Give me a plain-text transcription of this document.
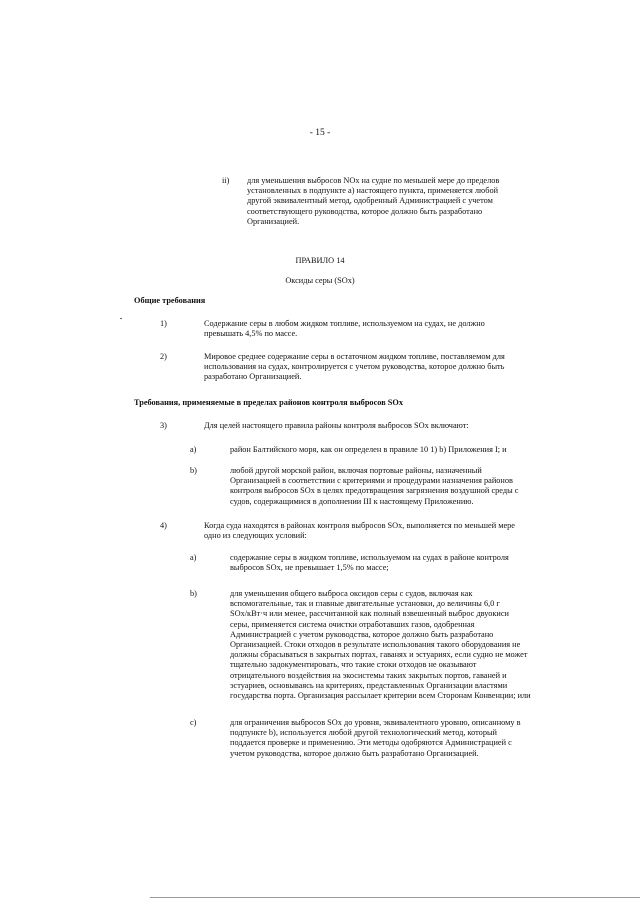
- 15 -
ii) для уменьшения выбросов NOx на судне по меньшей мере до пределов
установленных в подпункте a) настоящего пункта, применяется любой
другой эквивалентный метод, одобренный Администрацией с учетом
соответствующего руководства, которое должно быть разработано
Организацией.
ПРАВИЛО 14
Оксиды серы (SOx)
Общие требования
1)	Содержание серы в любом жидком топливе, используемом на судах, не должно
превышать 4,5% по массе.
2)	Мировое среднее содержание серы в остаточном жидком топливе, поставляемом для
использования на судах, контролируется с учетом руководства, которое должно быть
разработано Организацией.
Требования, применяемые в пределах районов контроля выбросов SOx
3)	Для целей настоящего правила районы контроля выбросов SOx включают:
a)	район Балтийского моря, как он определен в правиле 10 1) b) Приложения I; и
b)	любой другой морской район, включая портовые районы, назначенный
Организацией в соответствии с критериями и процедурами назначения районов
контроля выбросов SOx в целях предотвращения загрязнения воздушной среды с
судов, содержащимися в дополнении III к настоящему Приложению.
4)	Когда суда находятся в районах контроля выбросов SOx, выполняется по меньшей мере
одно из следующих условий:
a)	содержание серы в жидком топливе, используемом на судах в районе контроля
выбросов SOx, не превышает 1,5% по массе;
b)	для уменьшения общего выброса оксидов серы с судов, включая как
вспомогательные, так и главные двигательные установки, до величины 6,0 г
SOx/кВт·ч или менее, рассчитанной как полный взвешенный выброс двуокиси
серы, применяется система очистки отработавших газов, одобренная
Администрацией с учетом руководства, которое должно быть разработано
Организацией. Стоки отходов в результате использования такого оборудования не
должны сбрасываться в закрытых портах, гаванях и эстуариях, если судно не может
тщательно задокументировать, что такие стоки отходов не оказывают
отрицательного воздействия на экосистемы таких закрытых портов, гаваней и
эстуариев, основываясь на критериях, представленных Организации властями
государства порта. Организация рассылает критерии всем Сторонам Конвенции; или
c)	для ограничения выбросов SOx до уровня, эквивалентного уровню, описанному в
подпункте b), используется любой другой технологический метод, который
поддается проверке и применению. Эти методы одобряются Администрацией с
учетом руководства, которое должно быть разработано Организацией.
